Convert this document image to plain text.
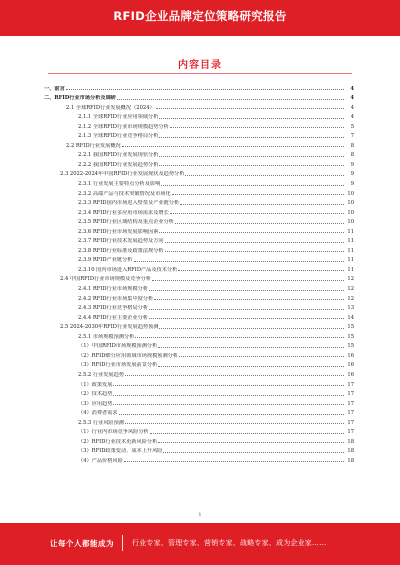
RFID企业品牌定位策略研究报告
内容目录
一、前言	4
二、RFID行业市场分析及调研	4
2.1 全球RFID行业发展概况（2024）	4
2.1.1 全球RFID行业应用领域分析	4
2.1.2 全球RFID行业市场规模趋势分析	5
2.1.3 全球RFID行业竞争格局分析	7
2.2 RFID行业发展概况	8
2.2.1 我国RFID行业发展现状分析	8
2.2.2 我国RFID行业发展趋势分析	9
2.3 2022-2024年中国RFID行业发展现状及趋势分析	9
2.3.1 行业发展主要特点分析及影响	9
2.3.2 高端产品与技术突破情况及市场化	10
2.3.3 RFID国内市场进入壁垒及产业链分析	10
2.3.4 RFID行业多应用市场需求及增长	10
2.3.5 RFID行业区域结构及重点企业分析	10
2.3.6 RFID行业市场发展影响因素	11
2.3.7 RFID行业技术发展趋势及方向	11
2.3.8 RFID行业标准及政策法规分析	11
2.3.9 RFID产业链分析	11
2.3.10 国内市场进入RFID产品及技术分析	11
2.4 中国RFID行业市场规模及竞争分析	12
2.4.1 RFID行业市场规模分析	12
2.4.2 RFID行业市场集中度分析	12
2.4.3 RFID行业竞争格局分析	13
2.4.4 RFID行业主要企业分析	14
2.5 2024-2030年RFID行业发展趋势预测	15
2.5.1 市场规模预测分析	15
（1）中国RFID市场规模预测分析	15
（2）RFID细分应用领域市场规模预测分析	16
（3）RFID行业市场发展前景分析	16
2.5.2 行业发展趋势	16
（1）政策发展	17
（2）技术趋势	17
（3）应用趋势	17
（4）消费者需求	17
2.5.3 行业风险预测	17
（1）行业内市场竞争风险分析	17
（2）RFID行业技术更新风险分析	18
（3）RFID政策变动、成本上升风险	18
（4）产品价格风险	18
1
让每个人都能成为	行业专家、管理专家、营销专家、战略专家、成为企业家……
